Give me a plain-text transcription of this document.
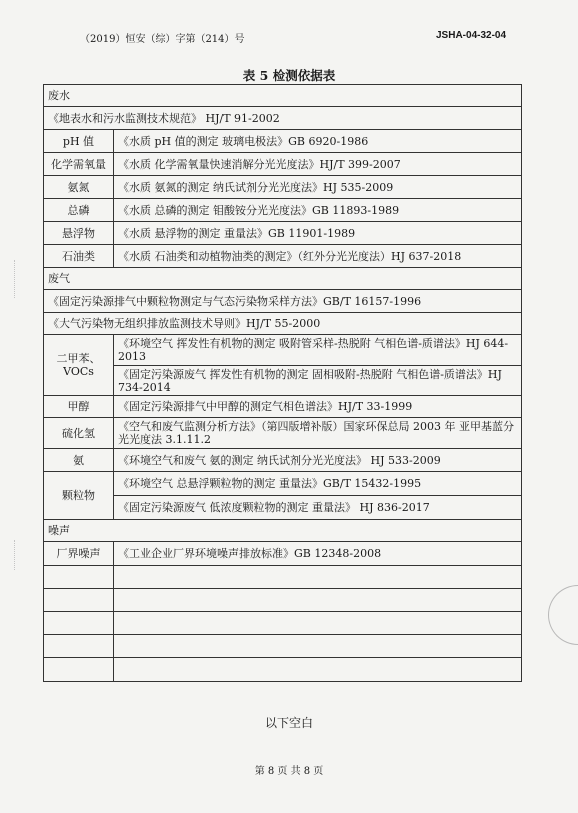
（2019）恒安（综）字第（214）号	JSHA-04-32-04
表 5 检测依据表
废水	
《地表水和污水监测技术规范》 HJ/T 91-2002	
pH 值	《水质 pH 值的测定 玻璃电极法》GB 6920-1986
化学需氧量	《水质 化学需氧量快速消解分光光度法》HJ/T 399-2007
氨氮	《水质 氨氮的测定 纳氏试剂分光光度法》HJ 535-2009
总磷	《水质 总磷的测定 钼酸铵分光光度法》GB 11893-1989
悬浮物	《水质 悬浮物的测定 重量法》GB 11901-1989
石油类	《水质 石油类和动植物油类的测定》（红外分光光度法）HJ 637-2018
废气	
《固定污染源排气中颗粒物测定与气态污染物采样方法》GB/T 16157-1996	
《大气污染物无组织排放监测技术导则》HJ/T 55-2000	
二甲苯、VOCs	《环境空气 挥发性有机物的测定 吸附管采样-热脱附 气相色谱-质谱法》HJ 644-2013
	《固定污染源废气 挥发性有机物的测定 固相吸附-热脱附 气相色谱-质谱法》HJ 734-2014
甲醇	《固定污染源排气中甲醇的测定气相色谱法》HJ/T 33-1999
硫化氢	《空气和废气监测分析方法》（第四版增补版）国家环保总局 2003 年 亚甲基蓝分光光度法 3.1.11.2
氨	《环境空气和废气 氨的测定 纳氏试剂分光光度法》 HJ 533-2009
颗粒物	《环境空气 总悬浮颗粒物的测定 重量法》GB/T 15432-1995
	《固定污染源废气 低浓度颗粒物的测定 重量法》 HJ 836-2017
噪声	
厂界噪声	《工业企业厂界环境噪声排放标准》GB 12348-2008

以下空白
第 8 页 共 8 页
